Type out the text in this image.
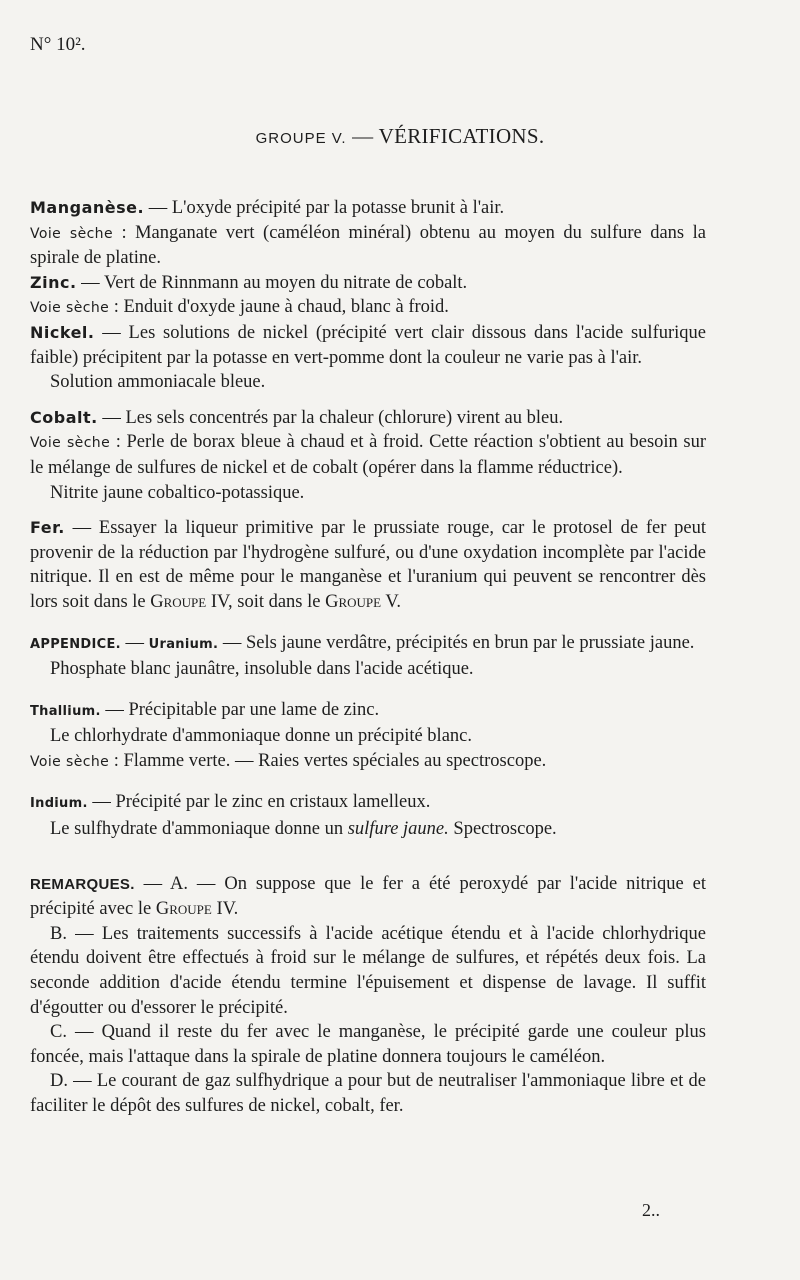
N° 10².
GROUPE V. — VÉRIFICATIONS.

Manganèse. — L'oxyde précipité par la potasse brunit à l'air.

Voie sèche : Manganate vert (caméléon minéral) obtenu au moyen du sulfure dans la spirale de platine.

Zinc. — Vert de Rinnmann au moyen du nitrate de cobalt.

Voie sèche : Enduit d'oxyde jaune à chaud, blanc à froid.

Nickel. — Les solutions de nickel (précipité vert clair dissous dans l'acide sulfurique faible) précipitent par la potasse en vert-pomme dont la couleur ne varie pas à l'air.

Solution ammoniacale bleue.

Cobalt. — Les sels concentrés par la chaleur (chlorure) virent au bleu.

Voie sèche : Perle de borax bleue à chaud et à froid. Cette réaction s'obtient au besoin sur le mélange de sulfures de nickel et de cobalt (opérer dans la flamme réductrice).

Nitrite jaune cobaltico-potassique.

Fer. — Essayer la liqueur primitive par le prussiate rouge, car le protosel de fer peut provenir de la réduction par l'hydrogène sulfuré, ou d'une oxydation incomplète par l'acide nitrique. Il en est de même pour le manganèse et l'uranium qui peuvent se rencontrer dès lors soit dans le Groupe IV, soit dans le Groupe V.

APPENDICE. — Uranium. — Sels jaune verdâtre, précipités en brun par le prussiate jaune.

Phosphate blanc jaunâtre, insoluble dans l'acide acétique.

Thallium. — Précipitable par une lame de zinc.

Le chlorhydrate d'ammoniaque donne un précipité blanc.

Voie sèche : Flamme verte. — Raies vertes spéciales au spectroscope.

Indium. — Précipité par le zinc en cristaux lamelleux.

Le sulfhydrate d'ammoniaque donne un sulfure jaune. Spectroscope.

REMARQUES. — A. — On suppose que le fer a été peroxydé par l'acide nitrique et précipité avec le Groupe IV.

B. — Les traitements successifs à l'acide acétique étendu et à l'acide chlorhydrique étendu doivent être effectués à froid sur le mélange de sulfures, et répétés deux fois. La seconde addition d'acide étendu termine l'épuisement et dispense de lavage. Il suffit d'égoutter ou d'essorer le précipité.

C. — Quand il reste du fer avec le manganèse, le précipité garde une couleur plus foncée, mais l'attaque dans la spirale de platine donnera toujours le caméléon.

D. — Le courant de gaz sulfhydrique a pour but de neutraliser l'ammoniaque libre et de faciliter le dépôt des sulfures de nickel, cobalt, fer.

2..
